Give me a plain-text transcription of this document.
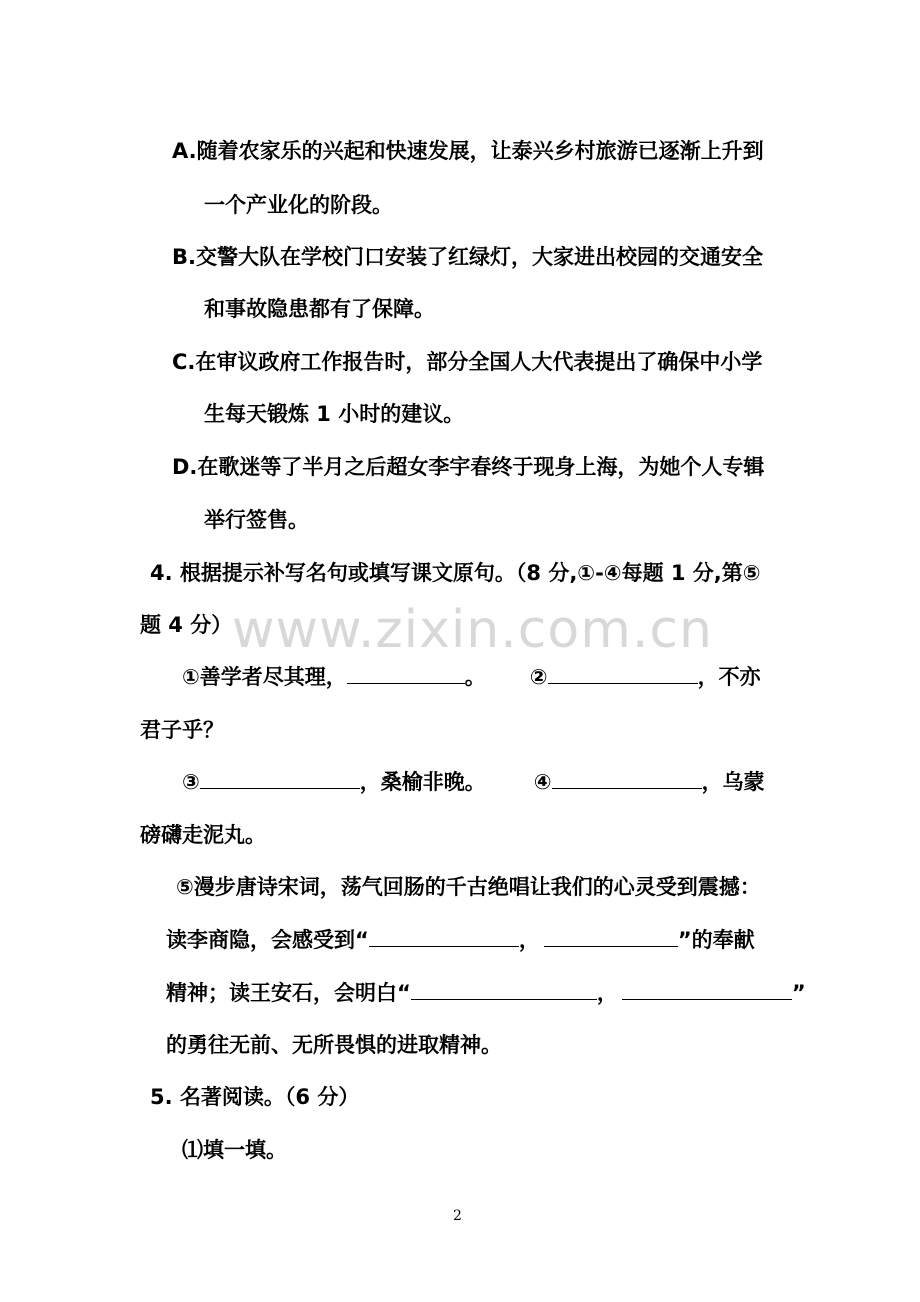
www.zixin.com.cn
A.随着农家乐的兴起和快速发展，让泰兴乡村旅游已逐渐上升到
一个产业化的阶段。
B.交警大队在学校门口安装了红绿灯，大家进出校园的交通安全
和事故隐患都有了保障。
C.在审议政府工作报告时，部分全国人大代表提出了确保中小学
生每天锻炼 1 小时的建议。
D.在歌迷等了半月之后超女李宇春终于现身上海，为她个人专辑
举行签售。
4. 根据提示补写名句或填写课文原句。（8 分,①-④每题 1 分,第⑤
题 4 分）
①善学者尽其理，	。 ②	，不亦
君子乎？
③	，桑榆非晚。 ④	，乌蒙
磅礴走泥丸。
⑤漫步唐诗宋词，荡气回肠的千古绝唱让我们的心灵受到震撼：
读李商隐，会感受到“	，	”的奉献
精神；读王安石，会明白“	，	”
的勇往无前、无所畏惧的进取精神。
5. 名著阅读。（6 分）
⑴填一填。
2
